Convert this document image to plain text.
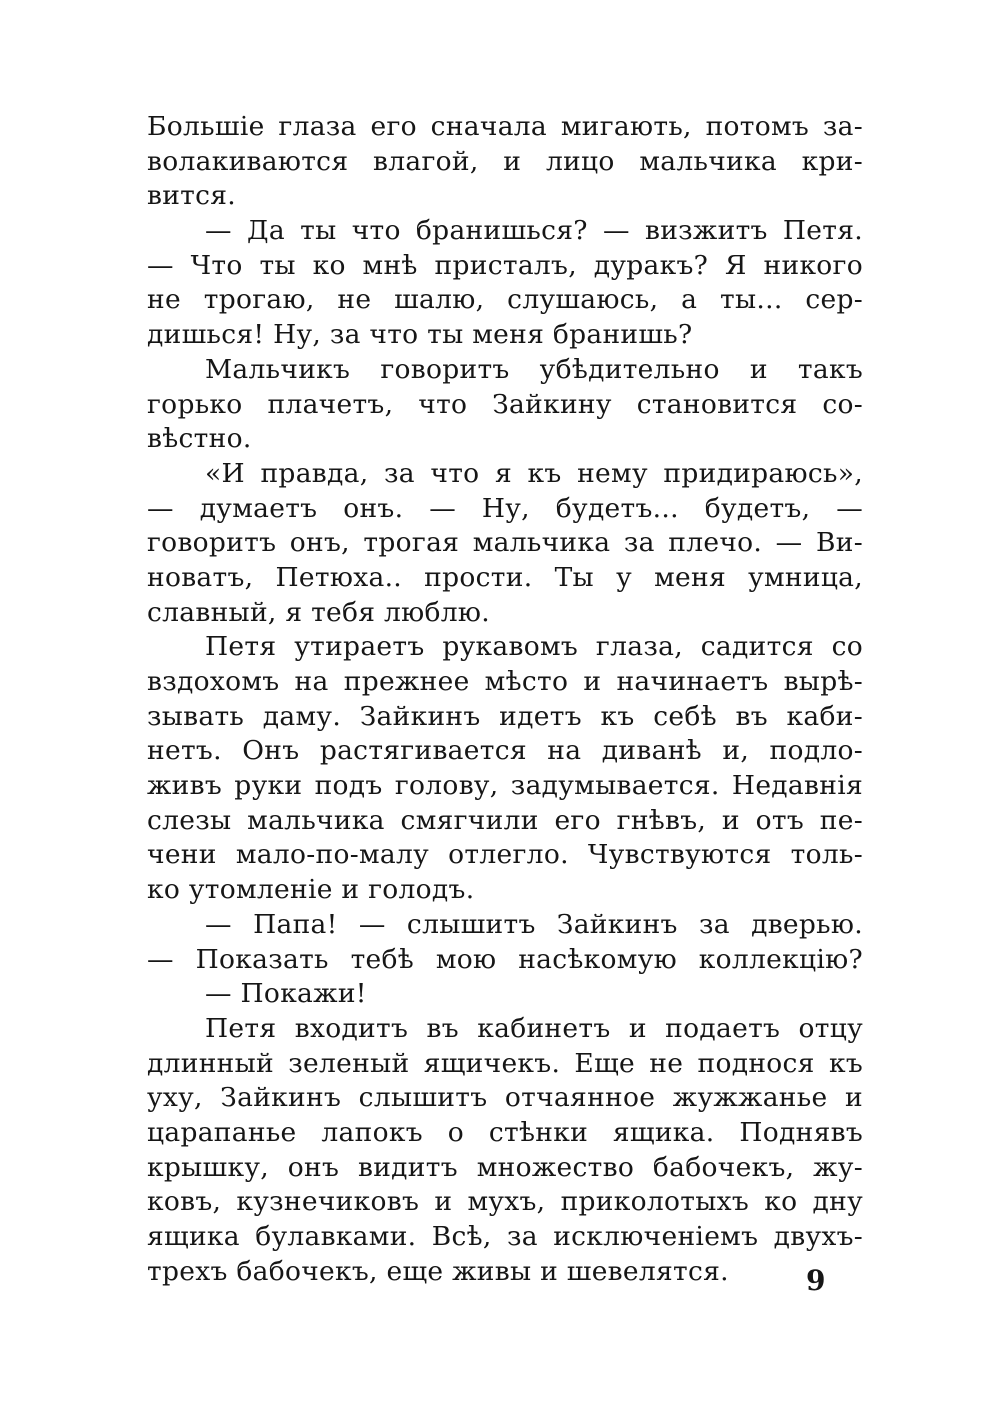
Большiе глаза его сначала мигають, потомъ за-
волакиваются влагой, и лицо мальчика кри-
вится.
— Да ты что бранишься? — визжитъ Петя.
— Что ты ко мнѣ присталъ, дуракъ? Я никого
не трогаю, не шалю, слушаюсь, а ты... сер-
дишься! Ну, за что ты меня бранишь?
Мальчикъ говоритъ убѣдительно и такъ
горько плачетъ, что Зайкину становится со-
вѣстно.
«И правда, за что я къ нему придираюсь»,
— думаетъ онъ. — Ну, будетъ... будетъ, —
говоритъ онъ, трогая мальчика за плечо. — Ви-
новатъ, Петюха.. прости. Ты у меня умница,
славный, я тебя люблю.
Петя утираетъ рукавомъ глаза, садится со
вздохомъ на прежнее мѣсто и начинаетъ вырѣ-
зывать даму. Зайкинъ идетъ къ себѣ въ каби-
нетъ. Онъ растягивается на диванѣ и, подло-
живъ руки подъ голову, задумывается. Недавнiя
слезы мальчика смягчили его гнѣвъ, и отъ пе-
чени мало-по-малу отлегло. Чувствуются толь-
ко утомленiе и голодъ.
— Папа! — слышитъ Зайкинъ за дверью.
— Показать тебѣ мою насѣкомую коллекцiю?
— Покажи!
Петя входитъ въ кабинетъ и подаетъ отцу
длинный зеленый ящичекъ. Еще не поднося къ
уху, Зайкинъ слышитъ отчаянное жужжанье и
царапанье лапокъ о стѣнки ящика. Поднявъ
крышку, онъ видитъ множество бабочекъ, жу-
ковъ, кузнечиковъ и мухъ, приколотыхъ ко дну
ящика булавками. Всѣ, за исключенiемъ двухъ-
трехъ бабочекъ, еще живы и шевелятся.	9
